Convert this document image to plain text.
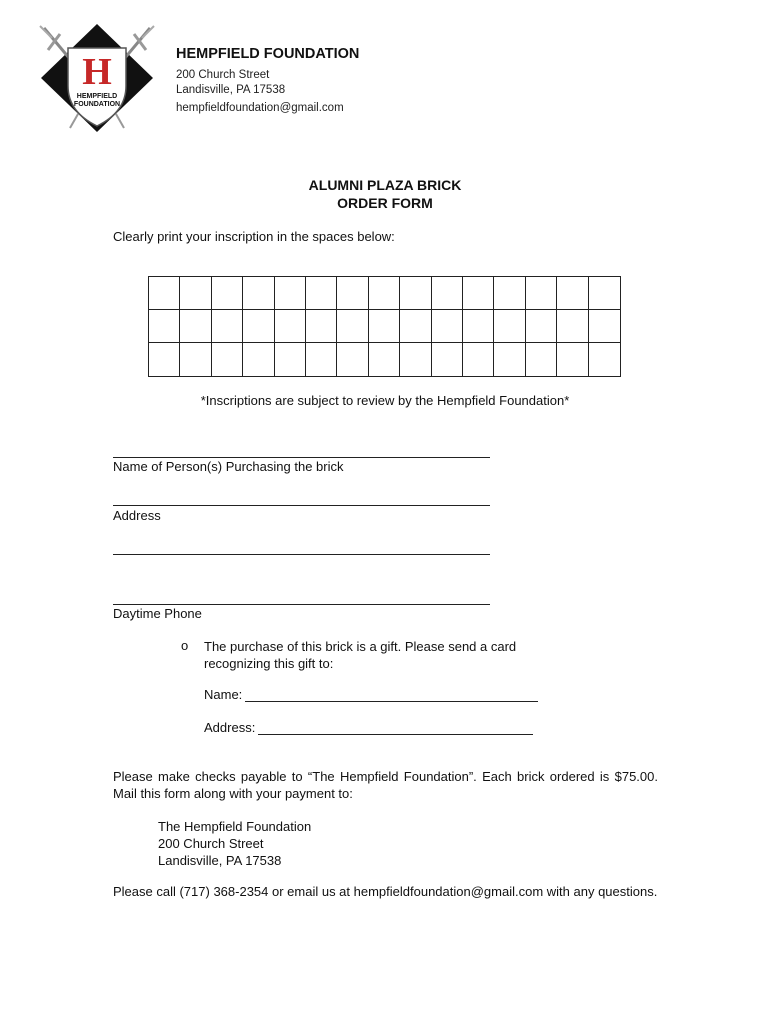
H
HEMPFIELD
FOUNDATION
HEMPFIELD FOUNDATION
200 Church Street
Landisville, PA 17538
hempfieldfoundation@gmail.com
ALUMNI PLAZA BRICK
ORDER FORM
Clearly print your inscription in the spaces below:
*Inscriptions are subject to review by the Hempfield Foundation*
Name of Person(s) Purchasing the brick
Address
Daytime Phone
o The purchase of this brick is a gift. Please send a card
recognizing this gift to:
Name:
Address:
Please make checks payable to “The Hempfield Foundation”. Each brick ordered is $75.00. Mail this form along with your payment to:
The Hempfield Foundation
200 Church Street
Landisville, PA 17538
Please call (717) 368-2354 or email us at hempfieldfoundation@gmail.com with any questions.
